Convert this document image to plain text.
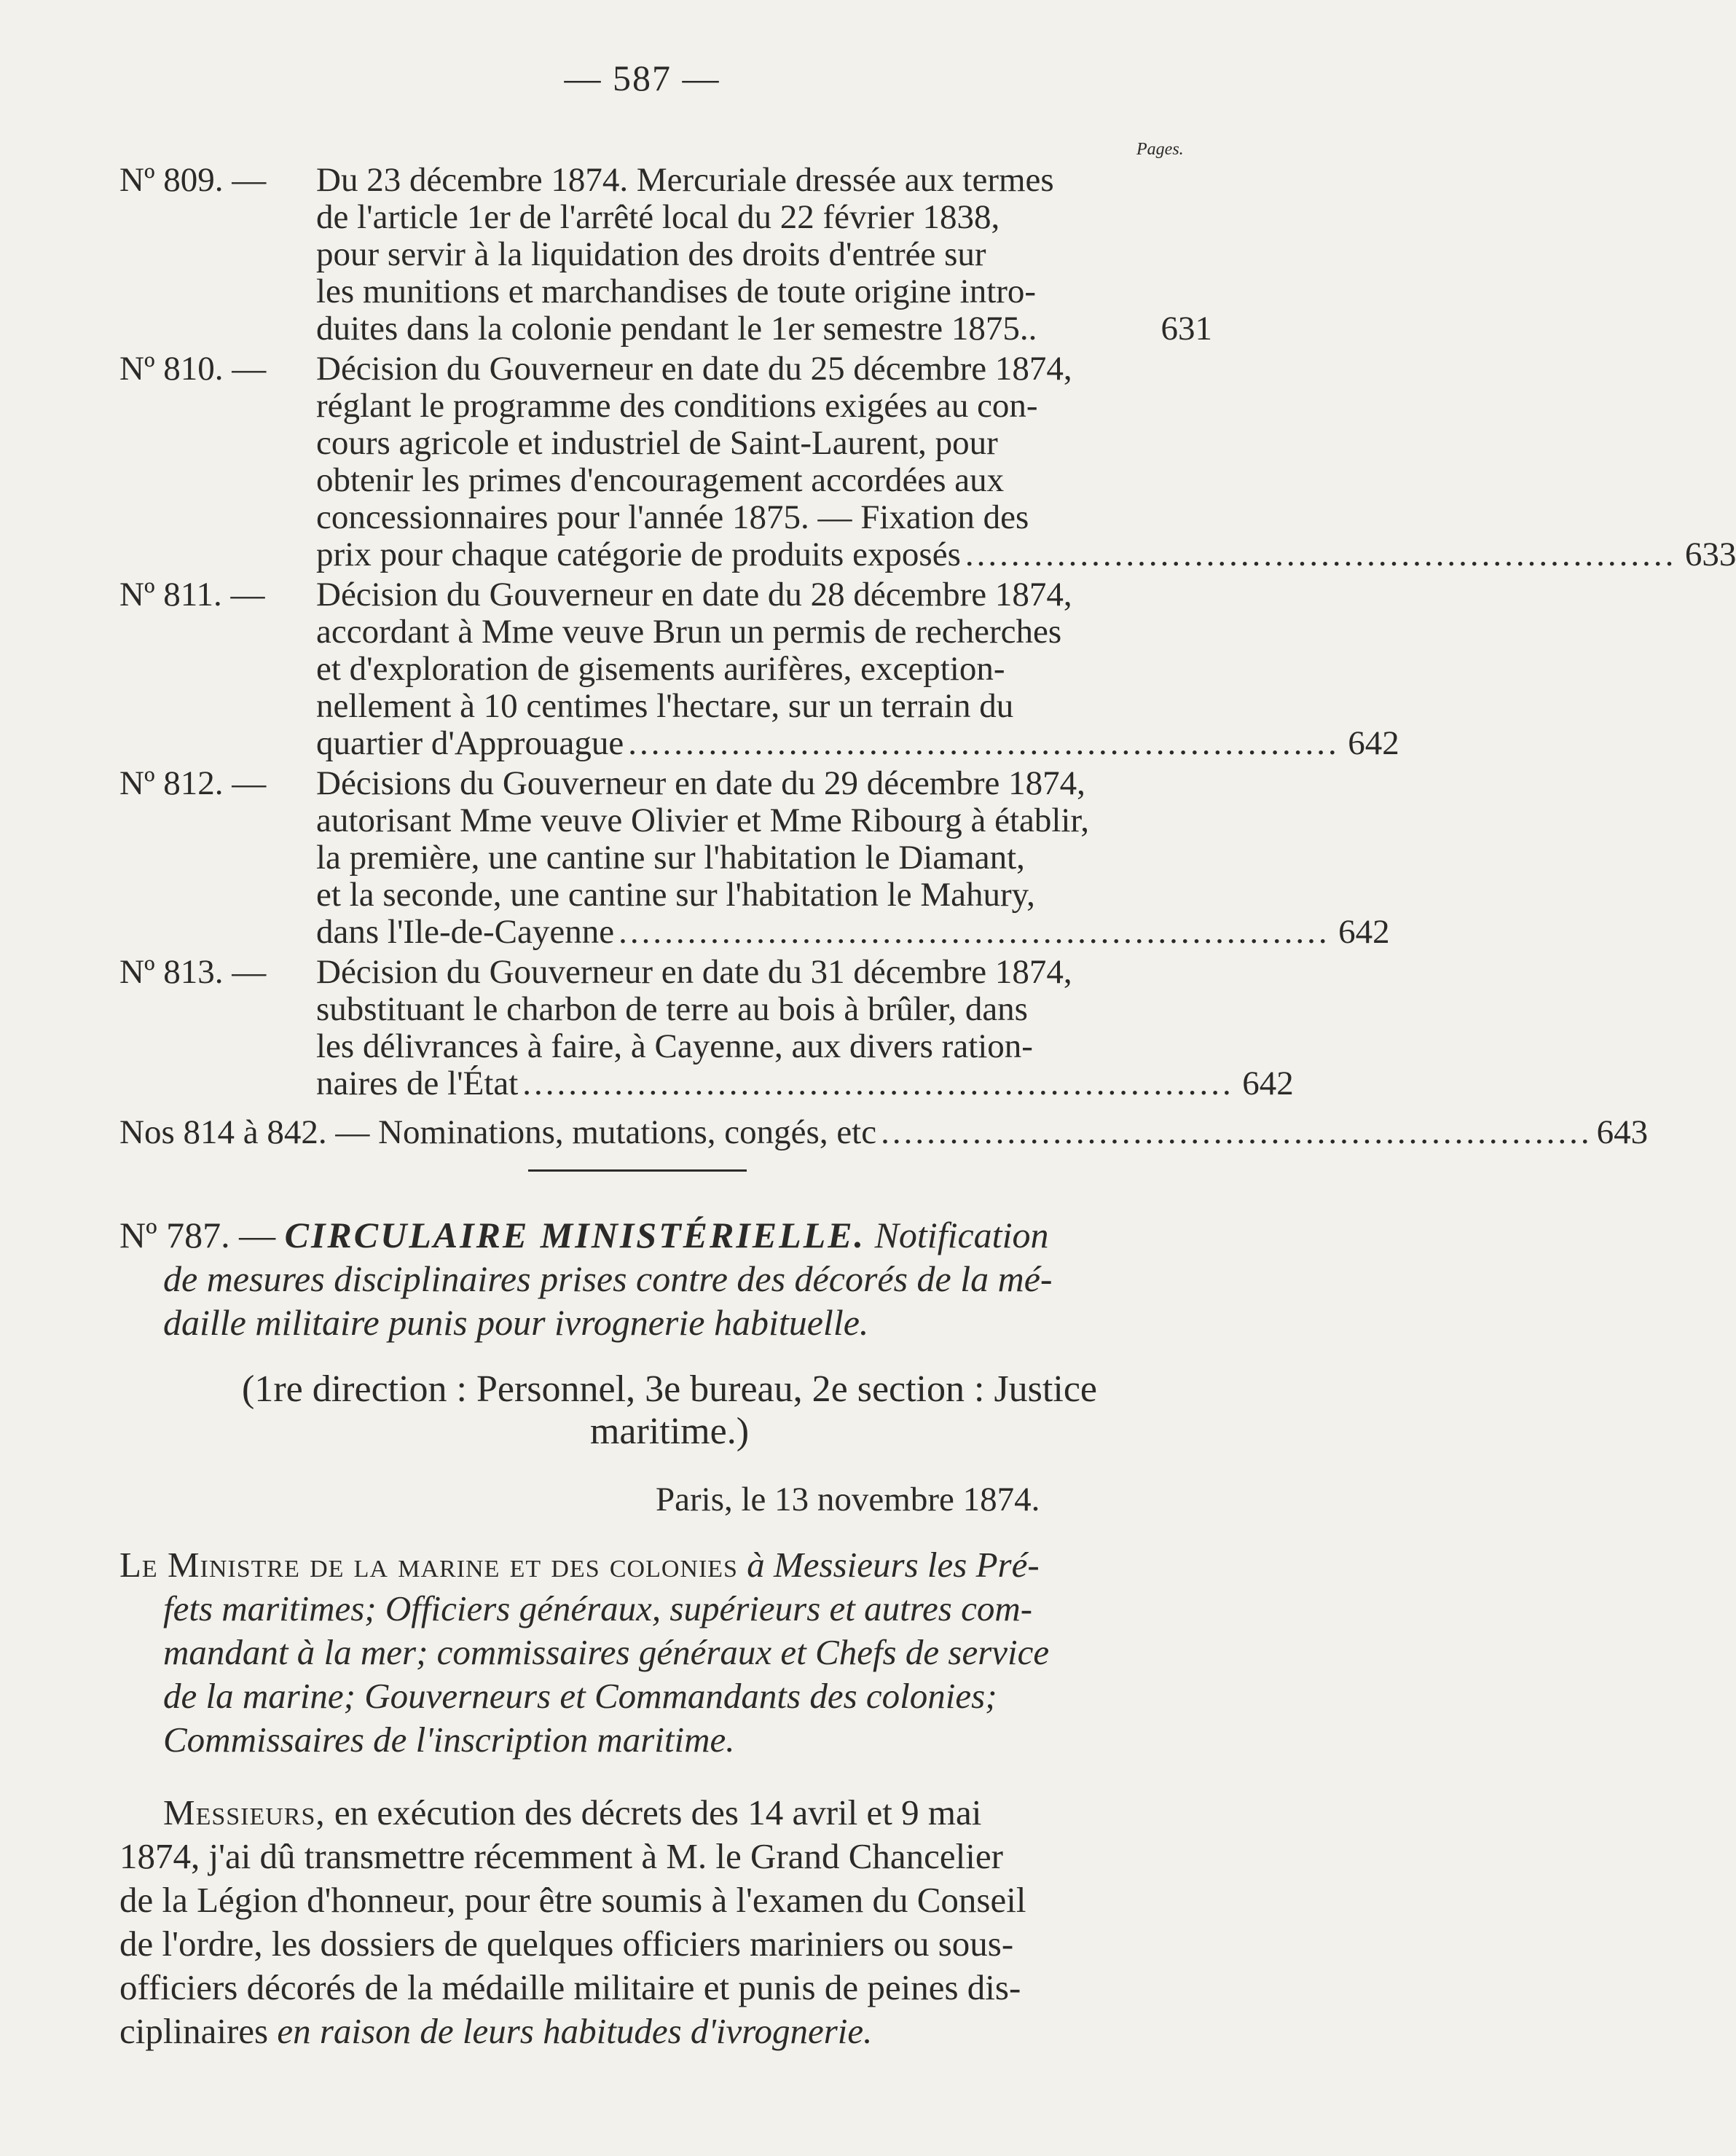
— 587 —
Pages.
Nº 809. — Du 23 décembre 1874. Mercuriale dressée aux termes
de l'article 1er de l'arrêté local du 22 février 1838,
pour servir à la liquidation des droits d'entrée sur
les munitions et marchandises de toute origine intro-
duites dans la colonie pendant le 1er semestre 1875..	631
Nº 810. — Décision du Gouverneur en date du 25 décembre 1874,
réglant le programme des conditions exigées au con-
cours agricole et industriel de Saint-Laurent, pour
obtenir les primes d'encouragement accordées aux
concessionnaires pour l'année 1875. — Fixation des
prix pour chaque catégorie de produits exposés .............................................................. 633
Nº 811. — Décision du Gouverneur en date du 28 décembre 1874,
accordant à Mme veuve Brun un permis de recherches
et d'exploration de gisements aurifères, exception-
nellement à 10 centimes l'hectare, sur un terrain du
quartier d'Approuague .............................................................. 642
Nº 812. — Décisions du Gouverneur en date du 29 décembre 1874,
autorisant Mme veuve Olivier et Mme Ribourg à établir,
la première, une cantine sur l'habitation le Diamant,
et la seconde, une cantine sur l'habitation le Mahury,
dans l'Ile-de-Cayenne .............................................................. 642
Nº 813. — Décision du Gouverneur en date du 31 décembre 1874,
substituant le charbon de terre au bois à brûler, dans
les délivrances à faire, à Cayenne, aux divers ration-
naires de l'État .............................................................. 642
Nos 814 à 842. — Nominations, mutations, congés, etc .............................................................. 643
Nº 787. — CIRCULAIRE MINISTÉRIELLE. Notification
de mesures disciplinaires prises contre des décorés de la mé-
daille militaire punis pour ivrognerie habituelle.
(1re direction : Personnel, 3e bureau, 2e section : Justice
maritime.)
Paris, le 13 novembre 1874.
Le Ministre de la marine et des colonies à Messieurs les Pré-
fets maritimes; Officiers généraux, supérieurs et autres com-
mandant à la mer; commissaires généraux et Chefs de service
de la marine; Gouverneurs et Commandants des colonies;
Commissaires de l'inscription maritime.
Messieurs, en exécution des décrets des 14 avril et 9 mai
1874, j'ai dû transmettre récemment à M. le Grand Chancelier
de la Légion d'honneur, pour être soumis à l'examen du Conseil
de l'ordre, les dossiers de quelques officiers mariniers ou sous-
officiers décorés de la médaille militaire et punis de peines dis-
ciplinaires en raison de leurs habitudes d'ivrognerie.
